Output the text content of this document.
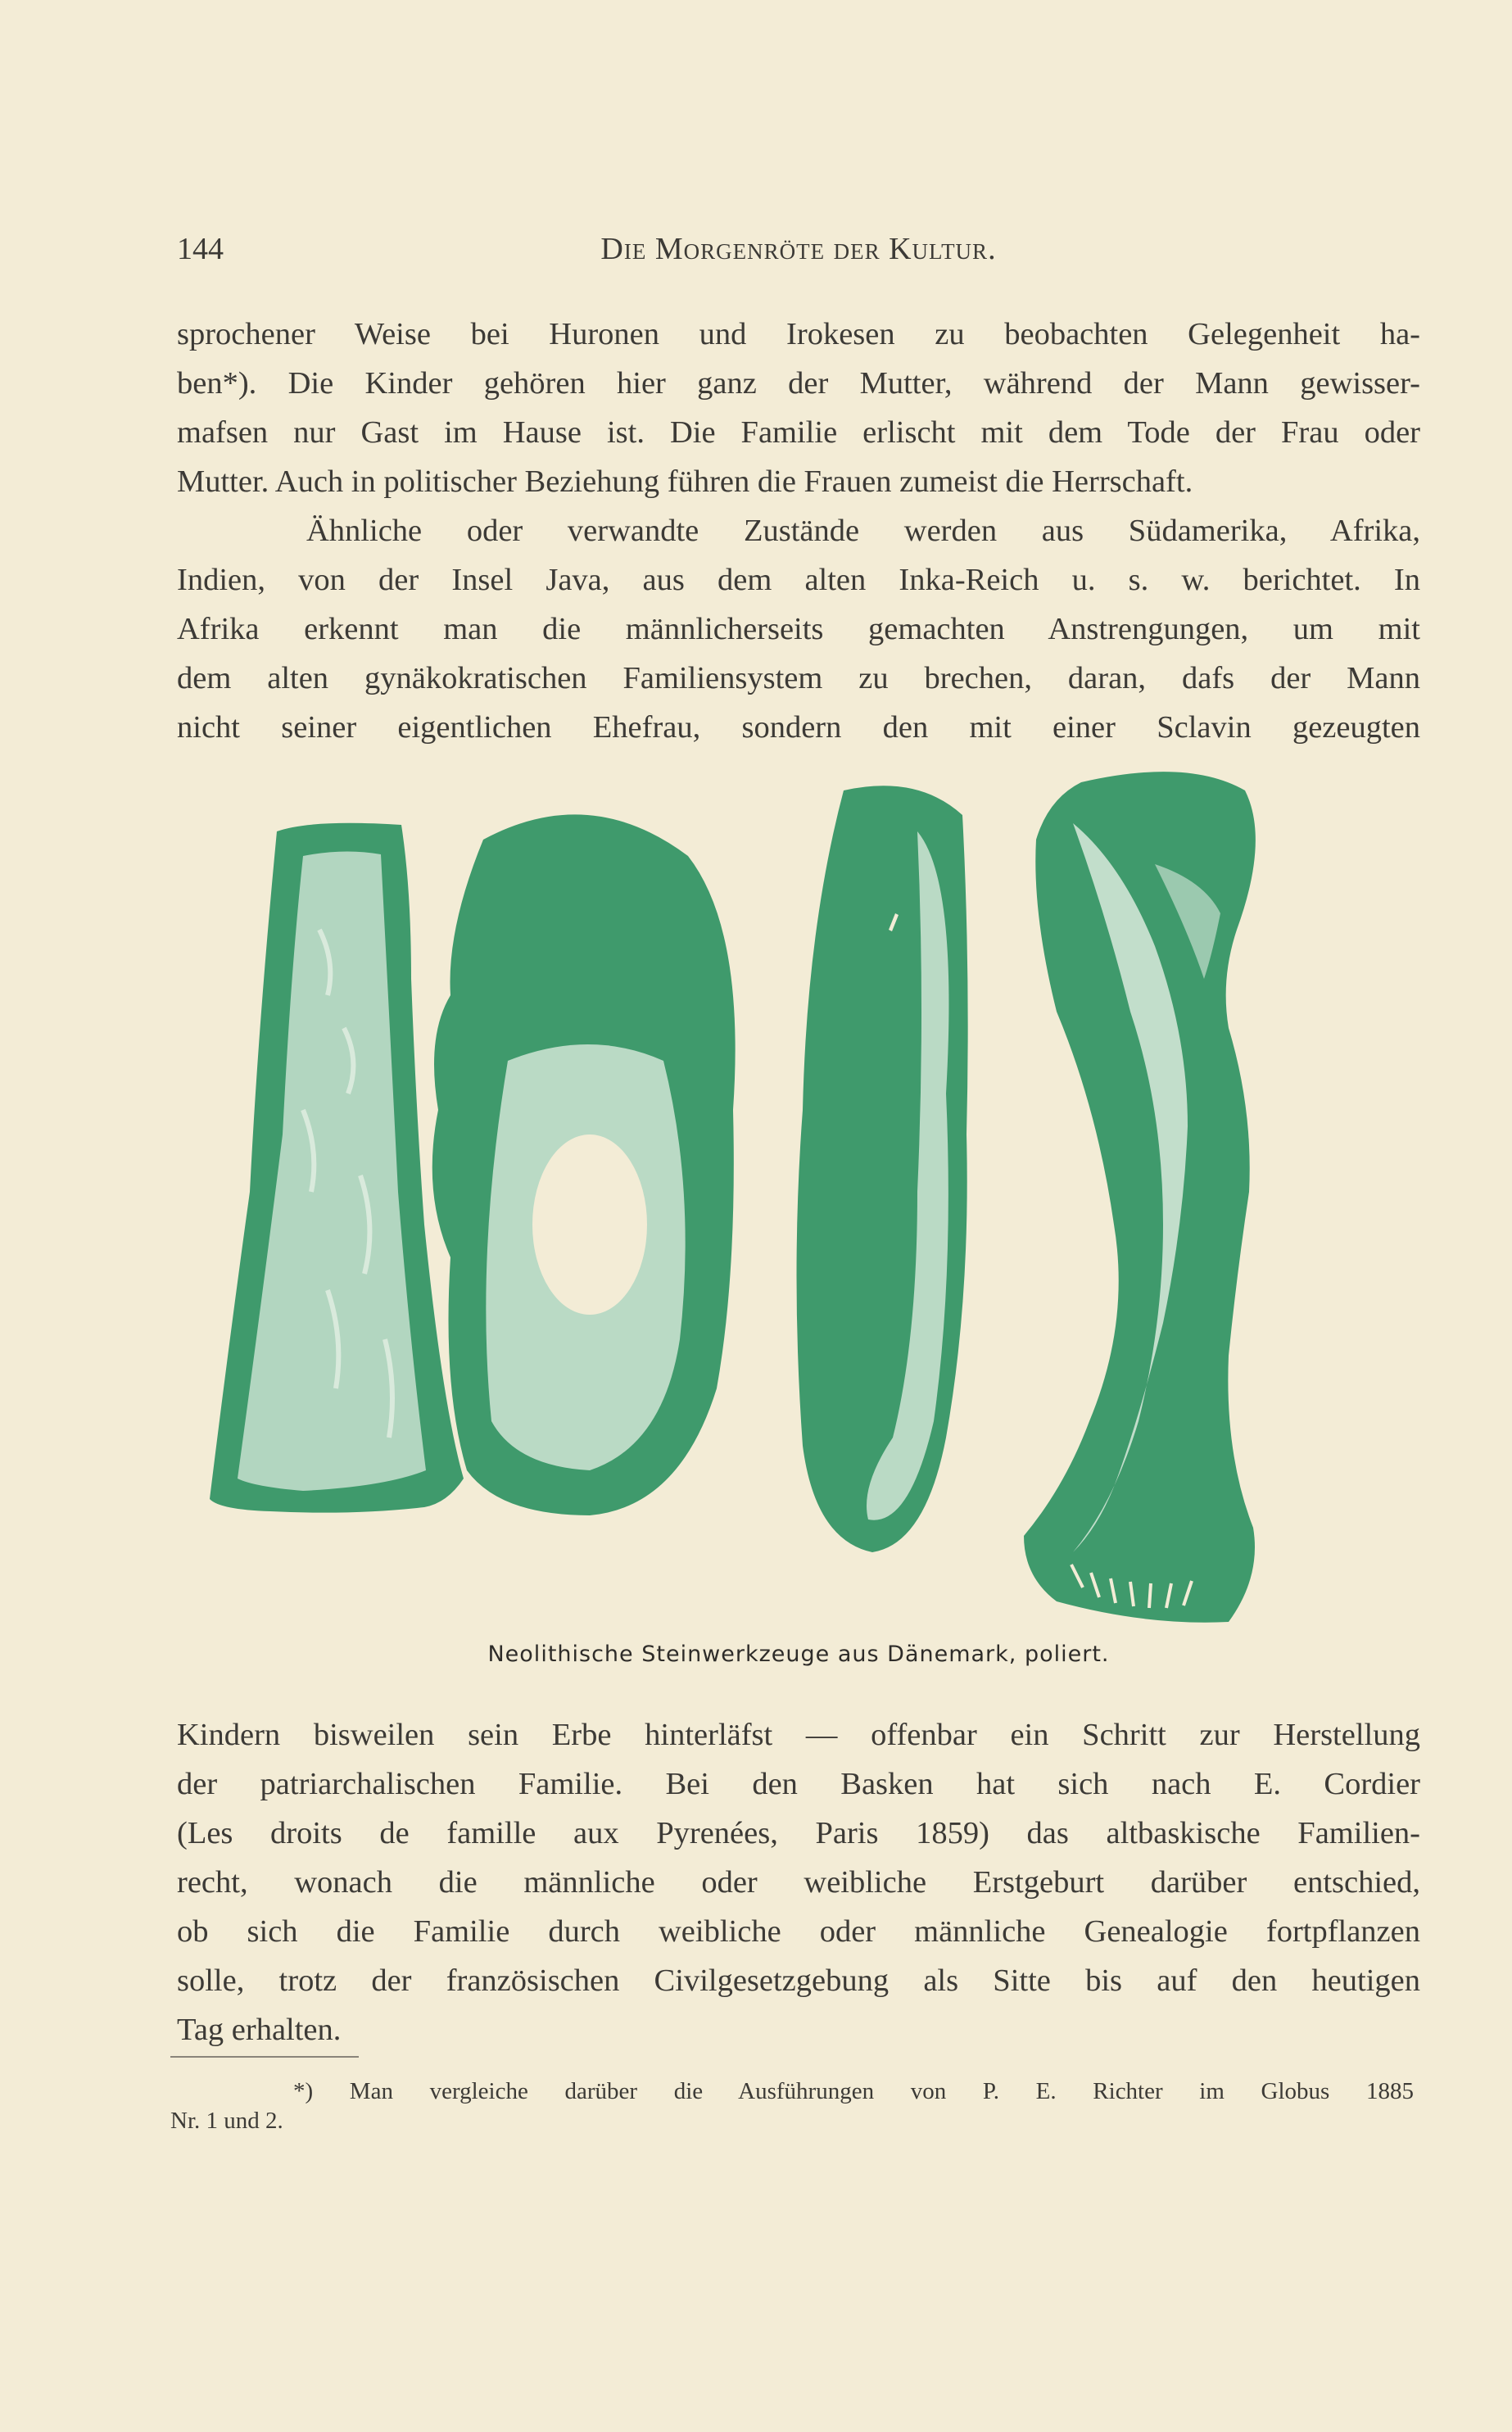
144	Die Morgenröte der Kultur.
sprochener Weise bei Huronen und Irokesen zu beobachten Gelegenheit ha-
ben*). Die Kinder gehören hier ganz der Mutter, während der Mann gewisser-
mafsen nur Gast im Hause ist. Die Familie erlischt mit dem Tode der Frau oder
Mutter. Auch in politischer Beziehung führen die Frauen zumeist die Herrschaft.
Ähnliche oder verwandte Zustände werden aus Südamerika, Afrika,
Indien, von der Insel Java, aus dem alten Inka-Reich u. s. w. berichtet. In
Afrika erkennt man die männlicherseits gemachten Anstrengungen, um mit
dem alten gynäkokratischen Familiensystem zu brechen, daran, dafs der Mann
nicht seiner eigentlichen Ehefrau, sondern den mit einer Sclavin gezeugten
Neolithische Steinwerkzeuge aus Dänemark, poliert.
Kindern bisweilen sein Erbe hinterläfst — offenbar ein Schritt zur Herstellung
der patriarchalischen Familie. Bei den Basken hat sich nach E. Cordier
(Les droits de famille aux Pyrenées, Paris 1859) das altbaskische Familien-
recht, wonach die männliche oder weibliche Erstgeburt darüber entschied,
ob sich die Familie durch weibliche oder männliche Genealogie fortpflanzen
solle, trotz der französischen Civilgesetzgebung als Sitte bis auf den heutigen
Tag erhalten.
*) Man vergleiche darüber die Ausführungen von P. E. Richter im Globus 1885
Nr. 1 und 2.
